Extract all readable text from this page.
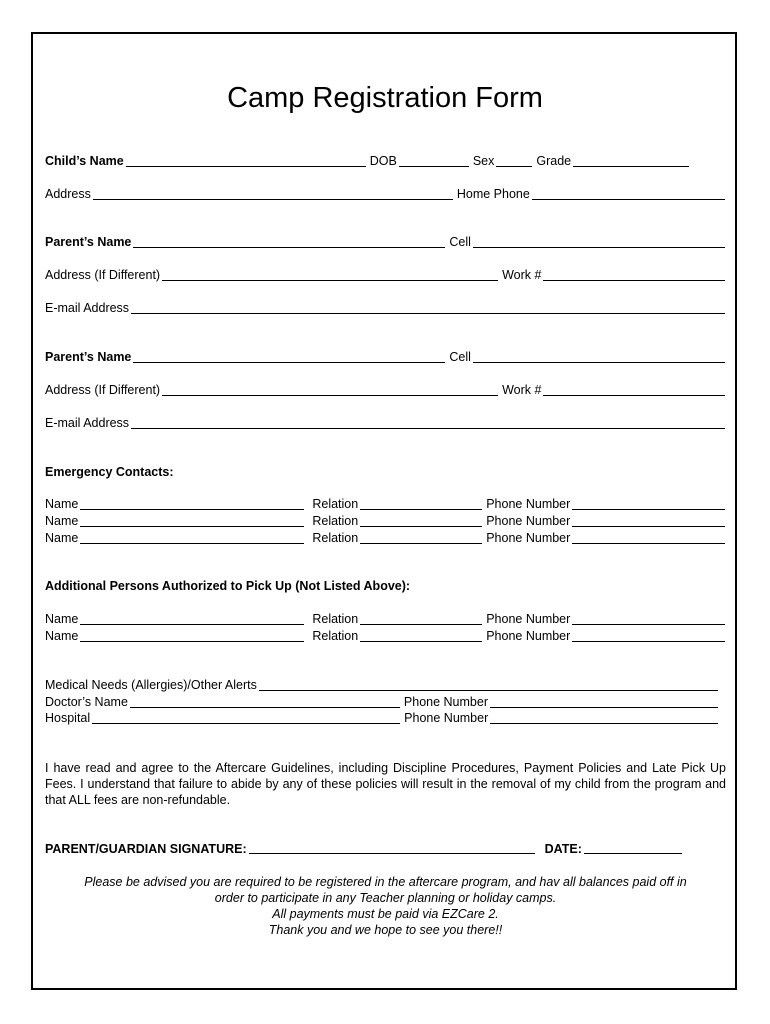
Camp Registration Form
Child’s Name	DOB	Sex	Grade
Address	Home Phone
Parent’s Name	Cell
Address (If Different)	Work #
E-mail Address
Parent’s Name	Cell
Address (If Different)	Work #
E-mail Address
Emergency Contacts:
Name	Relation	Phone Number
Name	Relation	Phone Number
Name	Relation	Phone Number
Additional Persons Authorized to Pick Up (Not Listed Above):
Name	Relation	Phone Number
Name	Relation	Phone Number
Medical Needs (Allergies)/Other Alerts
Doctor’s Name	Phone Number
Hospital	Phone Number
I have read and agree to the Aftercare Guidelines, including Discipline Procedures, Payment Policies and Late Pick Up Fees. I understand that failure to abide by any of these policies will result in the removal of my child from the program and that ALL fees are non-refundable.
PARENT/GUARDIAN SIGNATURE:	DATE:
Please be advised you are required to be registered in the aftercare program, and hav all balances paid off in
order to participate in any Teacher planning or holiday camps.
All payments must be paid via EZCare 2.
Thank you and we hope to see you there!!
